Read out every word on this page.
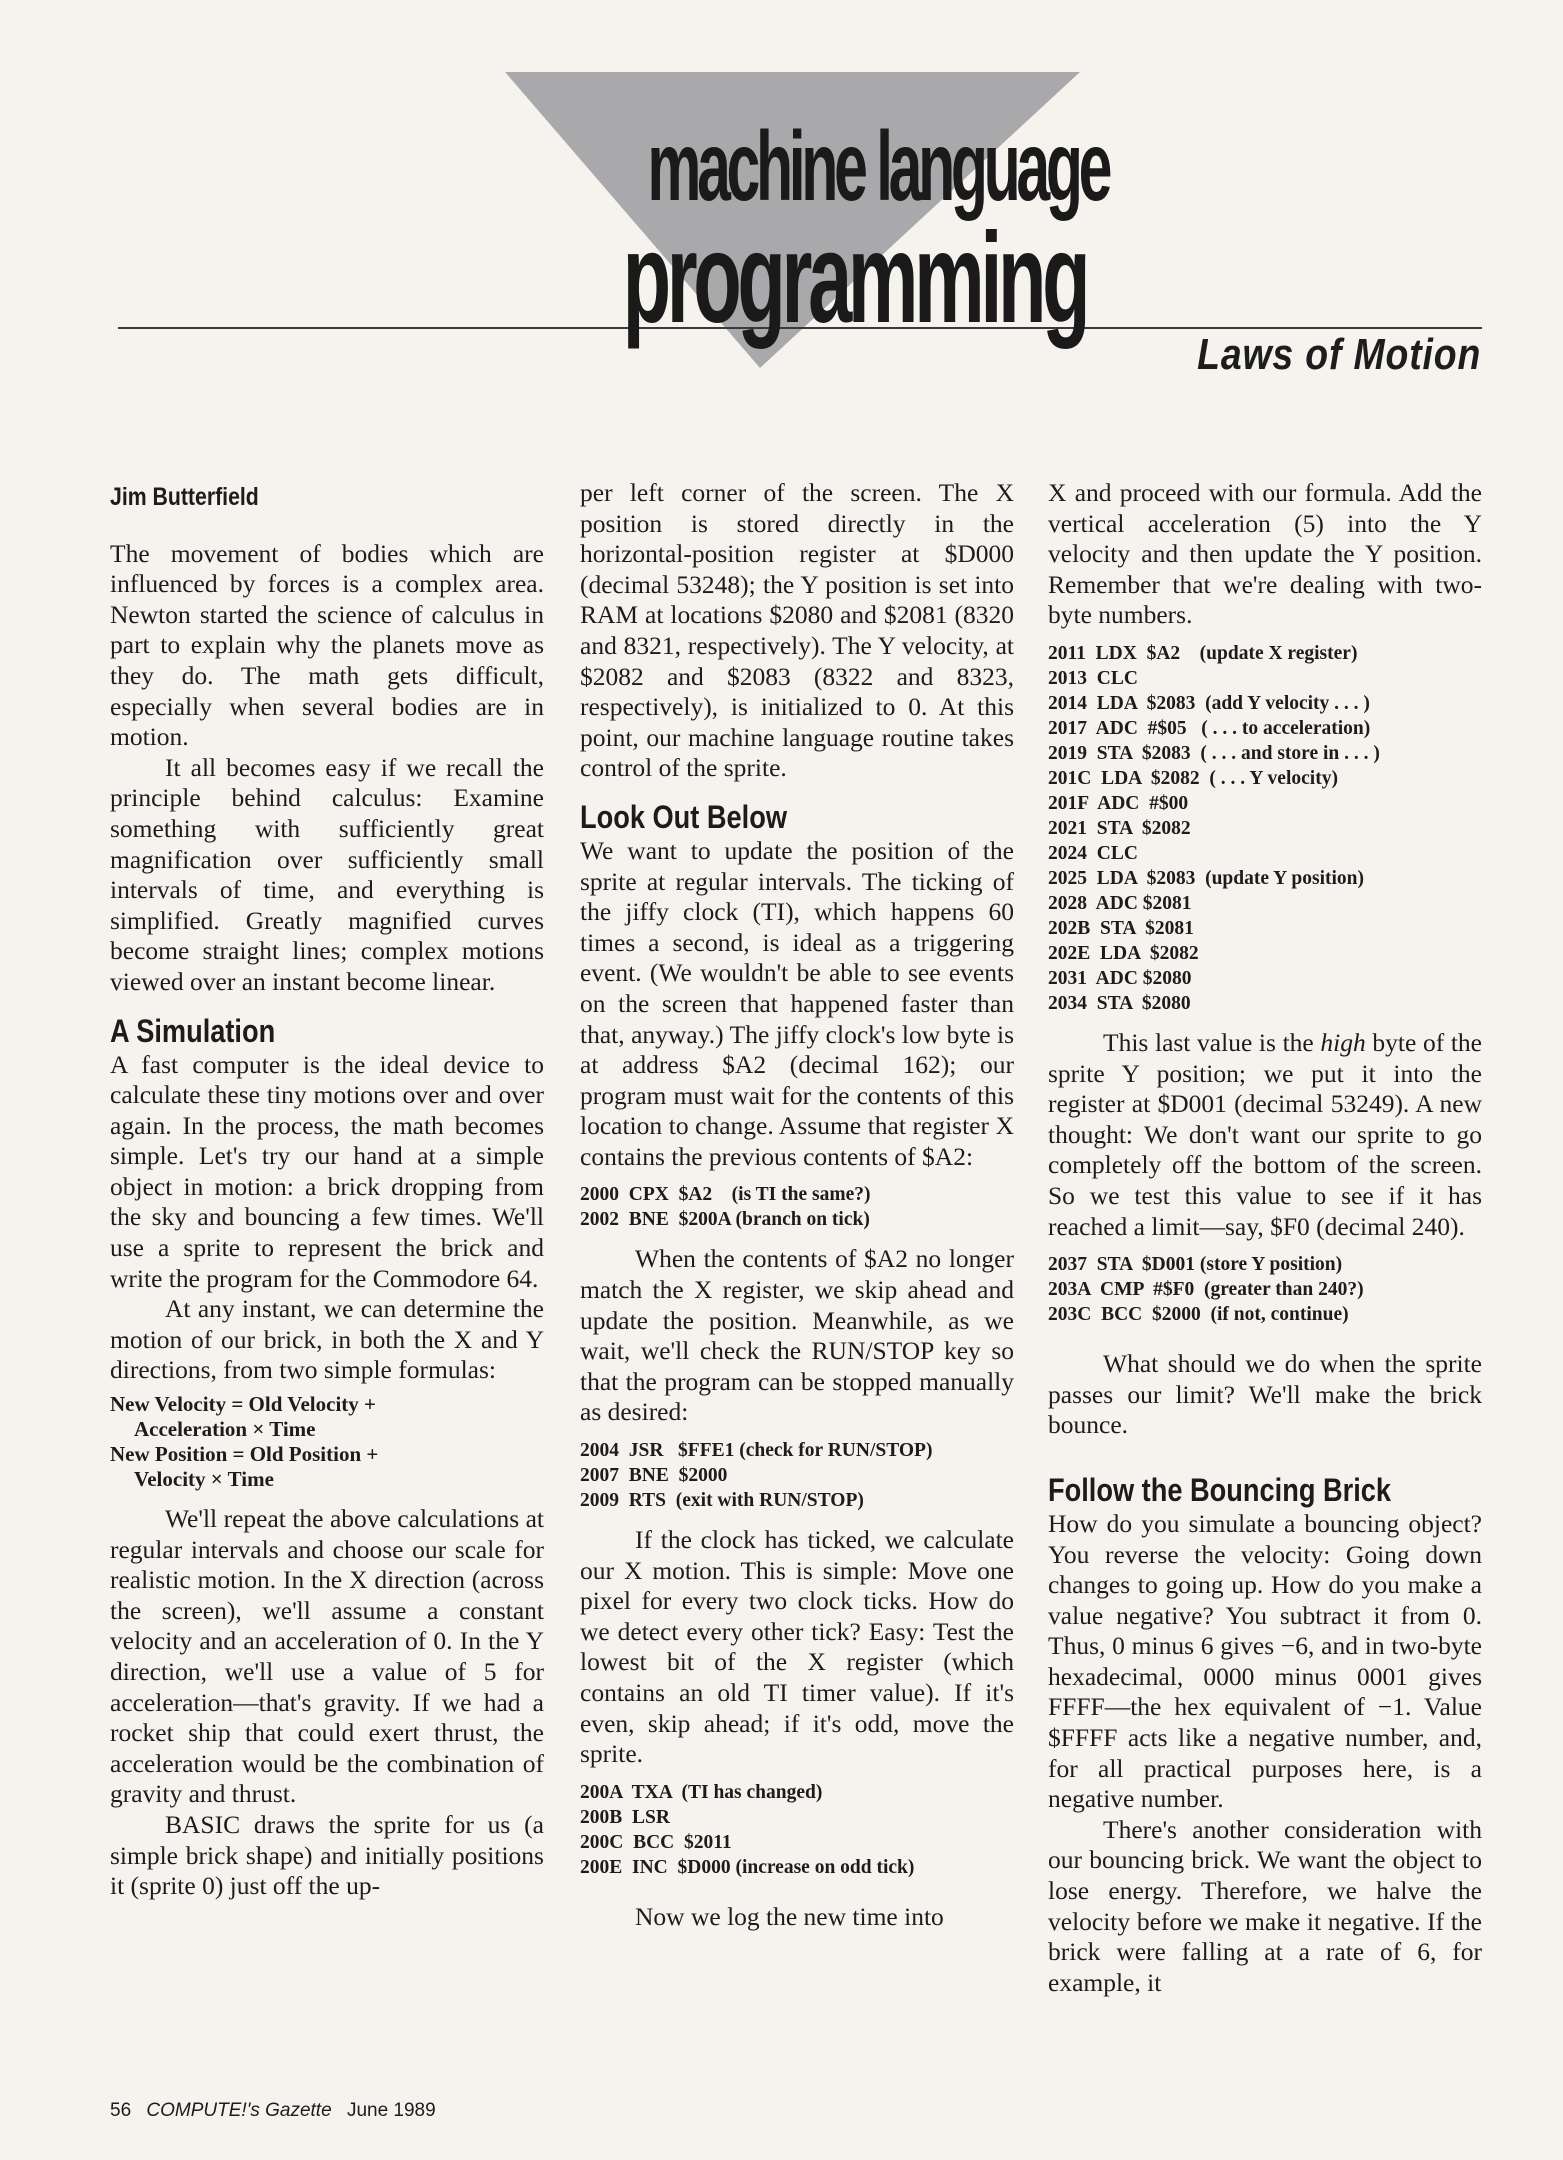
machine language
programming
Laws of Motion
Jim Butterfield

The movement of bodies which are influenced by forces is a complex area. Newton started the science of calculus in part to explain why the planets move as they do. The math gets difficult, especially when several bodies are in motion.

It all becomes easy if we recall the principle behind calculus: Examine something with sufficiently great magnification over sufficiently small intervals of time, and everything is simplified. Greatly magnified curves become straight lines; complex motions viewed over an instant become linear.

A Simulation

A fast computer is the ideal device to calculate these tiny motions over and over again. In the process, the math becomes simple. Let's try our hand at a simple object in motion: a brick dropping from the sky and bouncing a few times. We'll use a sprite to represent the brick and write the program for the Commodore 64.

At any instant, we can determine the motion of our brick, in both the X and Y directions, from two simple formulas:

New Velocity = Old Velocity +
Acceleration × Time
New Position = Old Position +
Velocity × Time

We'll repeat the above calculations at regular intervals and choose our scale for realistic motion. In the X direction (across the screen), we'll assume a constant velocity and an acceleration of 0. In the Y direction, we'll use a value of 5 for acceleration—that's gravity. If we had a rocket ship that could exert thrust, the acceleration would be the combination of gravity and thrust.

BASIC draws the sprite for us (a simple brick shape) and initially positions it (sprite 0) just off the up-

per left corner of the screen. The X position is stored directly in the horizontal-position register at $D000 (decimal 53248); the Y position is set into RAM at locations $2080 and $2081 (8320 and 8321, respectively). The Y velocity, at $2082 and $2083 (8322 and 8323, respectively), is initialized to 0. At this point, our machine language routine takes control of the sprite.

Look Out Below

We want to update the position of the sprite at regular intervals. The ticking of the jiffy clock (TI), which happens 60 times a second, is ideal as a triggering event. (We wouldn't be able to see events on the screen that happened faster than that, anyway.) The jiffy clock's low byte is at address $A2 (decimal 162); our program must wait for the contents of this location to change. Assume that register X contains the previous contents of $A2:

2000  CPX  $A2    (is TI the same?)
2002  BNE  $200A (branch on tick)

When the contents of $A2 no longer match the X register, we skip ahead and update the position. Meanwhile, as we wait, we'll check the RUN/STOP key so that the program can be stopped manually as desired:

2004  JSR   $FFE1 (check for RUN/STOP)
2007  BNE  $2000
2009  RTS  (exit with RUN/STOP)

If the clock has ticked, we calculate our X motion. This is simple: Move one pixel for every two clock ticks. How do we detect every other tick? Easy: Test the lowest bit of the X register (which contains an old TI timer value). If it's even, skip ahead; if it's odd, move the sprite.

200A  TXA  (TI has changed)
200B  LSR
200C  BCC  $2011
200E  INC  $D000 (increase on odd tick)

Now we log the new time into

X and proceed with our formula. Add the vertical acceleration (5) into the Y velocity and then update the Y position. Remember that we're dealing with two-byte numbers.

2011  LDX  $A2    (update X register)
2013  CLC
2014  LDA  $2083  (add Y velocity . . . )
2017  ADC  #$05   ( . . . to acceleration)
2019  STA  $2083  ( . . . and store in . . . )
201C  LDA  $2082  ( . . . Y velocity)
201F  ADC  #$00
2021  STA  $2082
2024  CLC
2025  LDA  $2083  (update Y position)
2028  ADC $2081
202B  STA  $2081
202E  LDA  $2082
2031  ADC $2080
2034  STA  $2080

This last value is the high byte of the sprite Y position; we put it into the register at $D001 (decimal 53249). A new thought: We don't want our sprite to go completely off the bottom of the screen. So we test this value to see if it has reached a limit—say, $F0 (decimal 240).

2037  STA  $D001 (store Y position)
203A  CMP  #$F0  (greater than 240?)
203C  BCC  $2000  (if not, continue)

What should we do when the sprite passes our limit? We'll make the brick bounce.

Follow the Bouncing Brick

How do you simulate a bouncing object? You reverse the velocity: Going down changes to going up. How do you make a value negative? You subtract it from 0. Thus, 0 minus 6 gives −6, and in two-byte hexadecimal, 0000 minus 0001 gives FFFF—the hex equivalent of −1. Value $FFFF acts like a negative number, and, for all practical purposes here, is a negative number.

There's another consideration with our bouncing brick. We want the object to lose energy. Therefore, we halve the velocity before we make it negative. If the brick were falling at a rate of 6, for example, it

56 COMPUTE!'s Gazette June 1989
